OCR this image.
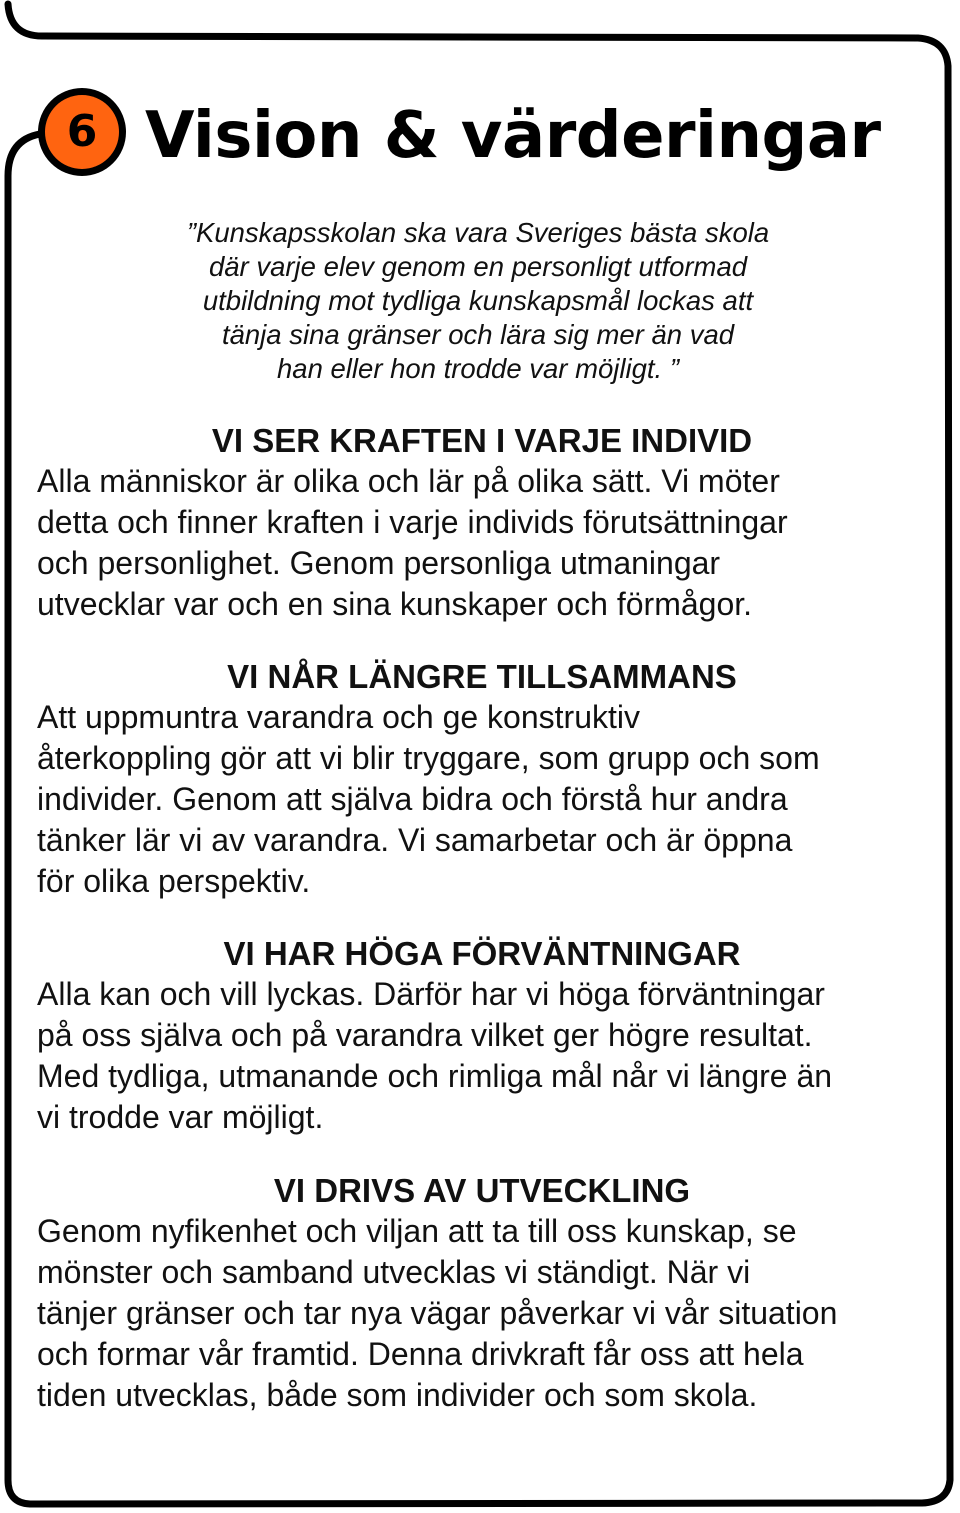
6 Vision & värderingar

”Kunskapsskolan ska vara Sveriges bästa skola
där varje elev genom en personligt utformad
utbildning mot tydliga kunskapsmål lockas att
tänja sina gränser och lära sig mer än vad
han eller hon trodde var möjligt. ”

VI SER KRAFTEN I VARJE INDIVID

Alla människor är olika och lär på olika sätt. Vi möter
detta och finner kraften i varje individs förutsättningar
och personlighet. Genom personliga utmaningar
utvecklar var och en sina kunskaper och förmågor.

VI NÅR LÄNGRE TILLSAMMANS

Att uppmuntra varandra och ge konstruktiv
återkoppling gör att vi blir tryggare, som grupp och som
individer. Genom att själva bidra och förstå hur andra
tänker lär vi av varandra. Vi samarbetar och är öppna
för olika perspektiv.

VI HAR HÖGA FÖRVÄNTNINGAR

Alla kan och vill lyckas. Därför har vi höga förväntningar
på oss själva och på varandra vilket ger högre resultat.
Med tydliga, utmanande och rimliga mål når vi längre än
vi trodde var möjligt.

VI DRIVS AV UTVECKLING

Genom nyfikenhet och viljan att ta till oss kunskap, se
mönster och samband utvecklas vi ständigt. När vi
tänjer gränser och tar nya vägar påverkar vi vår situation
och formar vår framtid. Denna drivkraft får oss att hela
tiden utvecklas, både som individer och som skola.
